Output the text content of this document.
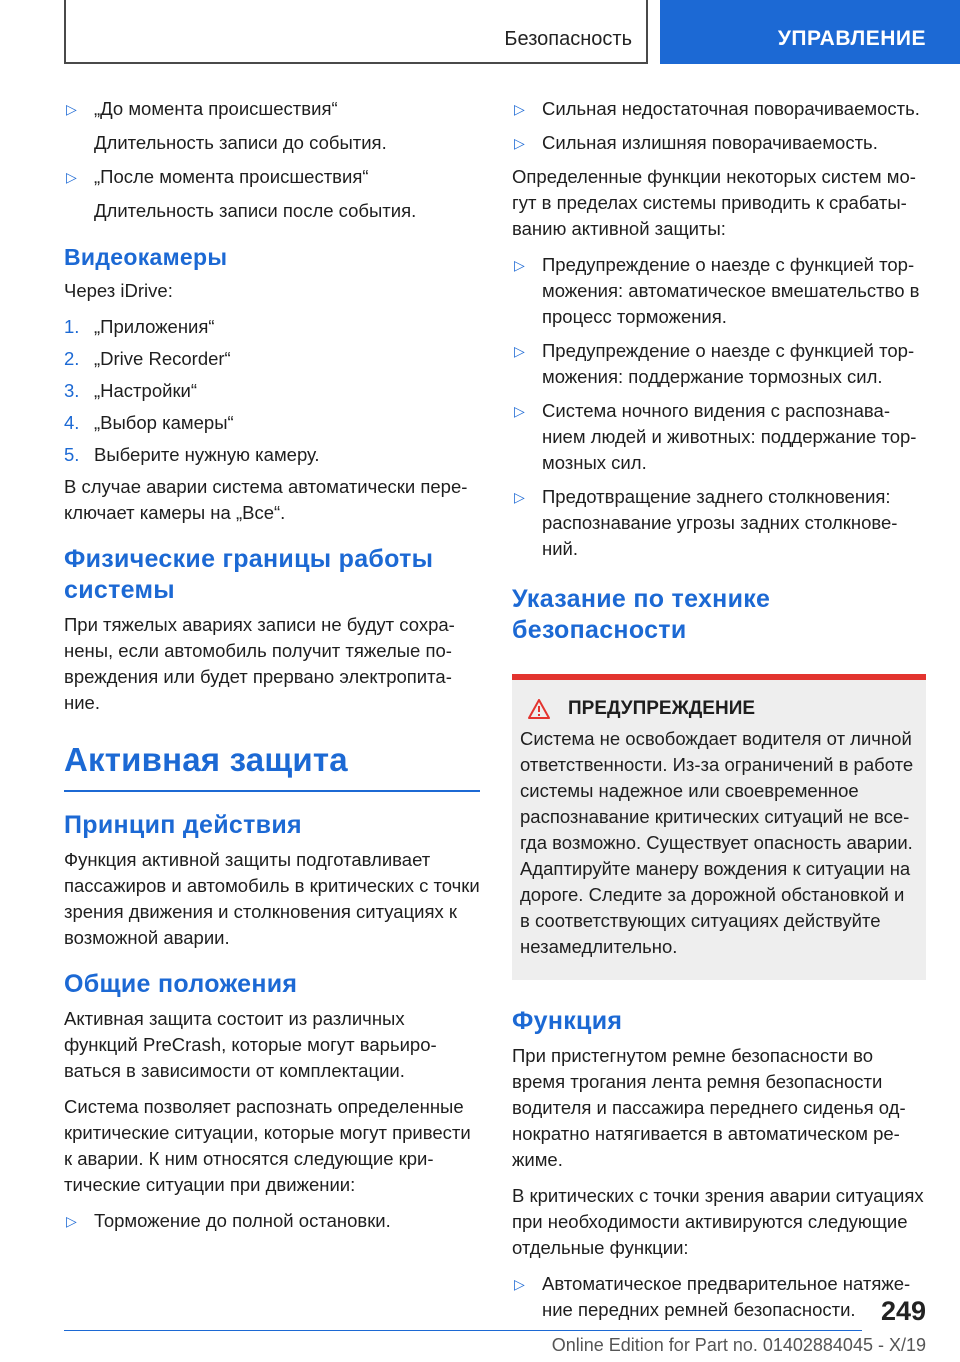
Безопасность	УПРАВЛЕНИЕ
▷ „До момента происшествия“
Длительность записи до события.
▷ „После момента происшествия“
Длительность записи после события.
Видеокамеры

Через iDrive:

1. „Приложения“
2. „Drive Recorder“
3. „Настройки“
4. „Выбор камеры“
5. Выберите нужную камеру.

В случае аварии система автоматически переключает камеры на „Все“.

Физические границы работы системы

При тяжелых авариях записи не будут сохранены, если автомобиль получит тяжелые повреждения или будет прервано электропитание.

Активная защита
Принцип действия

Функция активной защиты подготавливает пассажиров и автомобиль в критических с точки зрения движения и столкновения ситуациях к возможной аварии.

Общие положения

Активная защита состоит из различных функций PreCrash, которые могут варьироваться в зависимости от комплектации.

Система позволяет распознать определенные критические ситуации, которые могут привести к аварии. К ним относятся следующие критические ситуации при движении:

▷ Торможение до полной остановки.
▷ Сильная недостаточная поворачиваемость.
▷ Сильная излишняя поворачиваемость.

Определенные функции некоторых систем могут в пределах системы приводить к срабатыванию активной защиты:

▷ Предупреждение о наезде с функцией торможения: автоматическое вмешательство в процесс торможения.
▷ Предупреждение о наезде с функцией торможения: поддержание тормозных сил.
▷ Система ночного видения с распознаванием людей и животных: поддержание тормозных сил.
▷ Предотвращение заднего столкновения: распознавание угрозы задних столкновений.
Указание по технике безопасности
ПРЕДУПРЕЖДЕНИЕ

Система не освобождает водителя от личной ответственности. Из-за ограничений в работе системы надежное или своевременное распознавание критических ситуаций не всегда возможно. Существует опасность аварии. Адаптируйте манеру вождения к ситуации на дороге. Следите за дорожной обстановкой и в соответствующих ситуациях действуйте незамедлительно.

Функция

При пристегнутом ремне безопасности во время трогания лента ремня безопасности водителя и пассажира переднего сиденья однократно натягивается в автоматическом режиме.

В критических с точки зрения аварии ситуациях при необходимости активируются следующие отдельные функции:

▷ Автоматическое предварительное натяжение передних ремней безопасности. 249
Online Edition for Part no. 01402884045 - X/19
